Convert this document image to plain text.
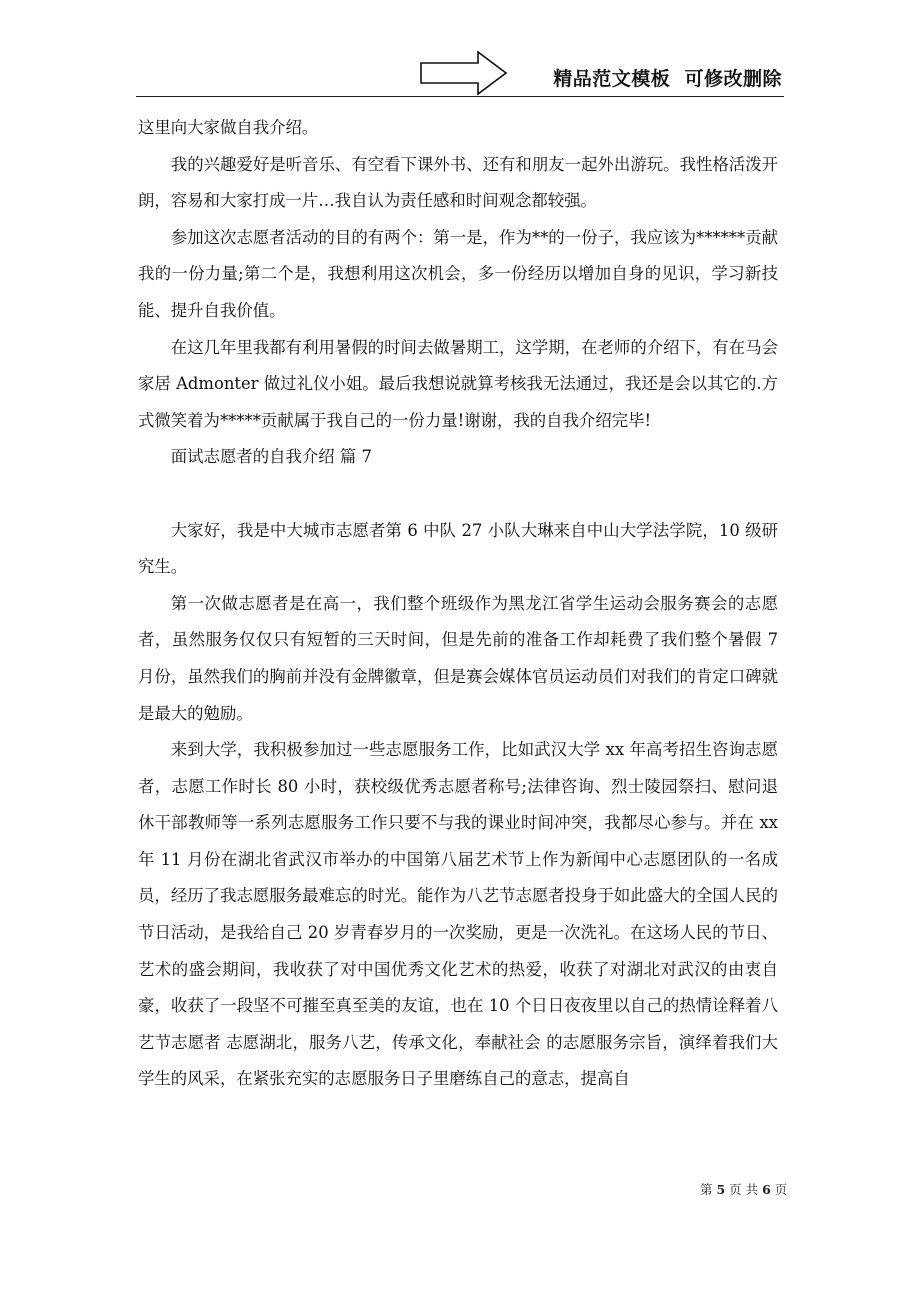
精品范文模板  可修改删除

这里向大家做自我介绍。

我的兴趣爱好是听音乐、有空看下课外书、还有和朋友一起外出游玩。我性格活泼开朗，容易和大家打成一片…我自认为责任感和时间观念都较强。

参加这次志愿者活动的目的有两个：第一是，作为**的一份子，我应该为******贡献我的一份力量;第二个是，我想利用这次机会，多一份经历以增加自身的见识，学习新技能、提升自我价值。

在这几年里我都有利用暑假的时间去做暑期工，这学期，在老师的介绍下，有在马会家居 Admonter 做过礼仪小姐。最后我想说就算考核我无法通过，我还是会以其它的.方式微笑着为*****贡献属于我自己的一份力量!谢谢，我的自我介绍完毕!

面试志愿者的自我介绍 篇 7

大家好，我是中大城市志愿者第 6 中队 27 小队大琳来自中山大学法学院，10 级研究生。

第一次做志愿者是在高一，我们整个班级作为黑龙江省学生运动会服务赛会的志愿者，虽然服务仅仅只有短暂的三天时间，但是先前的准备工作却耗费了我们整个暑假 7 月份，虽然我们的胸前并没有金牌徽章，但是赛会媒体官员运动员们对我们的肯定口碑就是最大的勉励。

来到大学，我积极参加过一些志愿服务工作，比如武汉大学 xx 年高考招生咨询志愿者，志愿工作时长 80 小时，获校级优秀志愿者称号;法律咨询、烈士陵园祭扫、慰问退休干部教师等一系列志愿服务工作只要不与我的课业时间冲突，我都尽心参与。并在 xx 年 11 月份在湖北省武汉市举办的中国第八届艺术节上作为新闻中心志愿团队的一名成员，经历了我志愿服务最难忘的时光。能作为八艺节志愿者投身于如此盛大的全国人民的节日活动，是我给自己 20 岁青春岁月的一次奖励，更是一次洗礼。在这场人民的节日、艺术的盛会期间，我收获了对中国优秀文化艺术的热爱，收获了对湖北对武汉的由衷自豪，收获了一段坚不可摧至真至美的友谊，也在 10 个日日夜夜里以自己的热情诠释着八艺节志愿者 志愿湖北，服务八艺，传承文化，奉献社会 的志愿服务宗旨，演绎着我们大学生的风采，在紧张充实的志愿服务日子里磨练自己的意志，提高自

第 5 页 共 6 页
